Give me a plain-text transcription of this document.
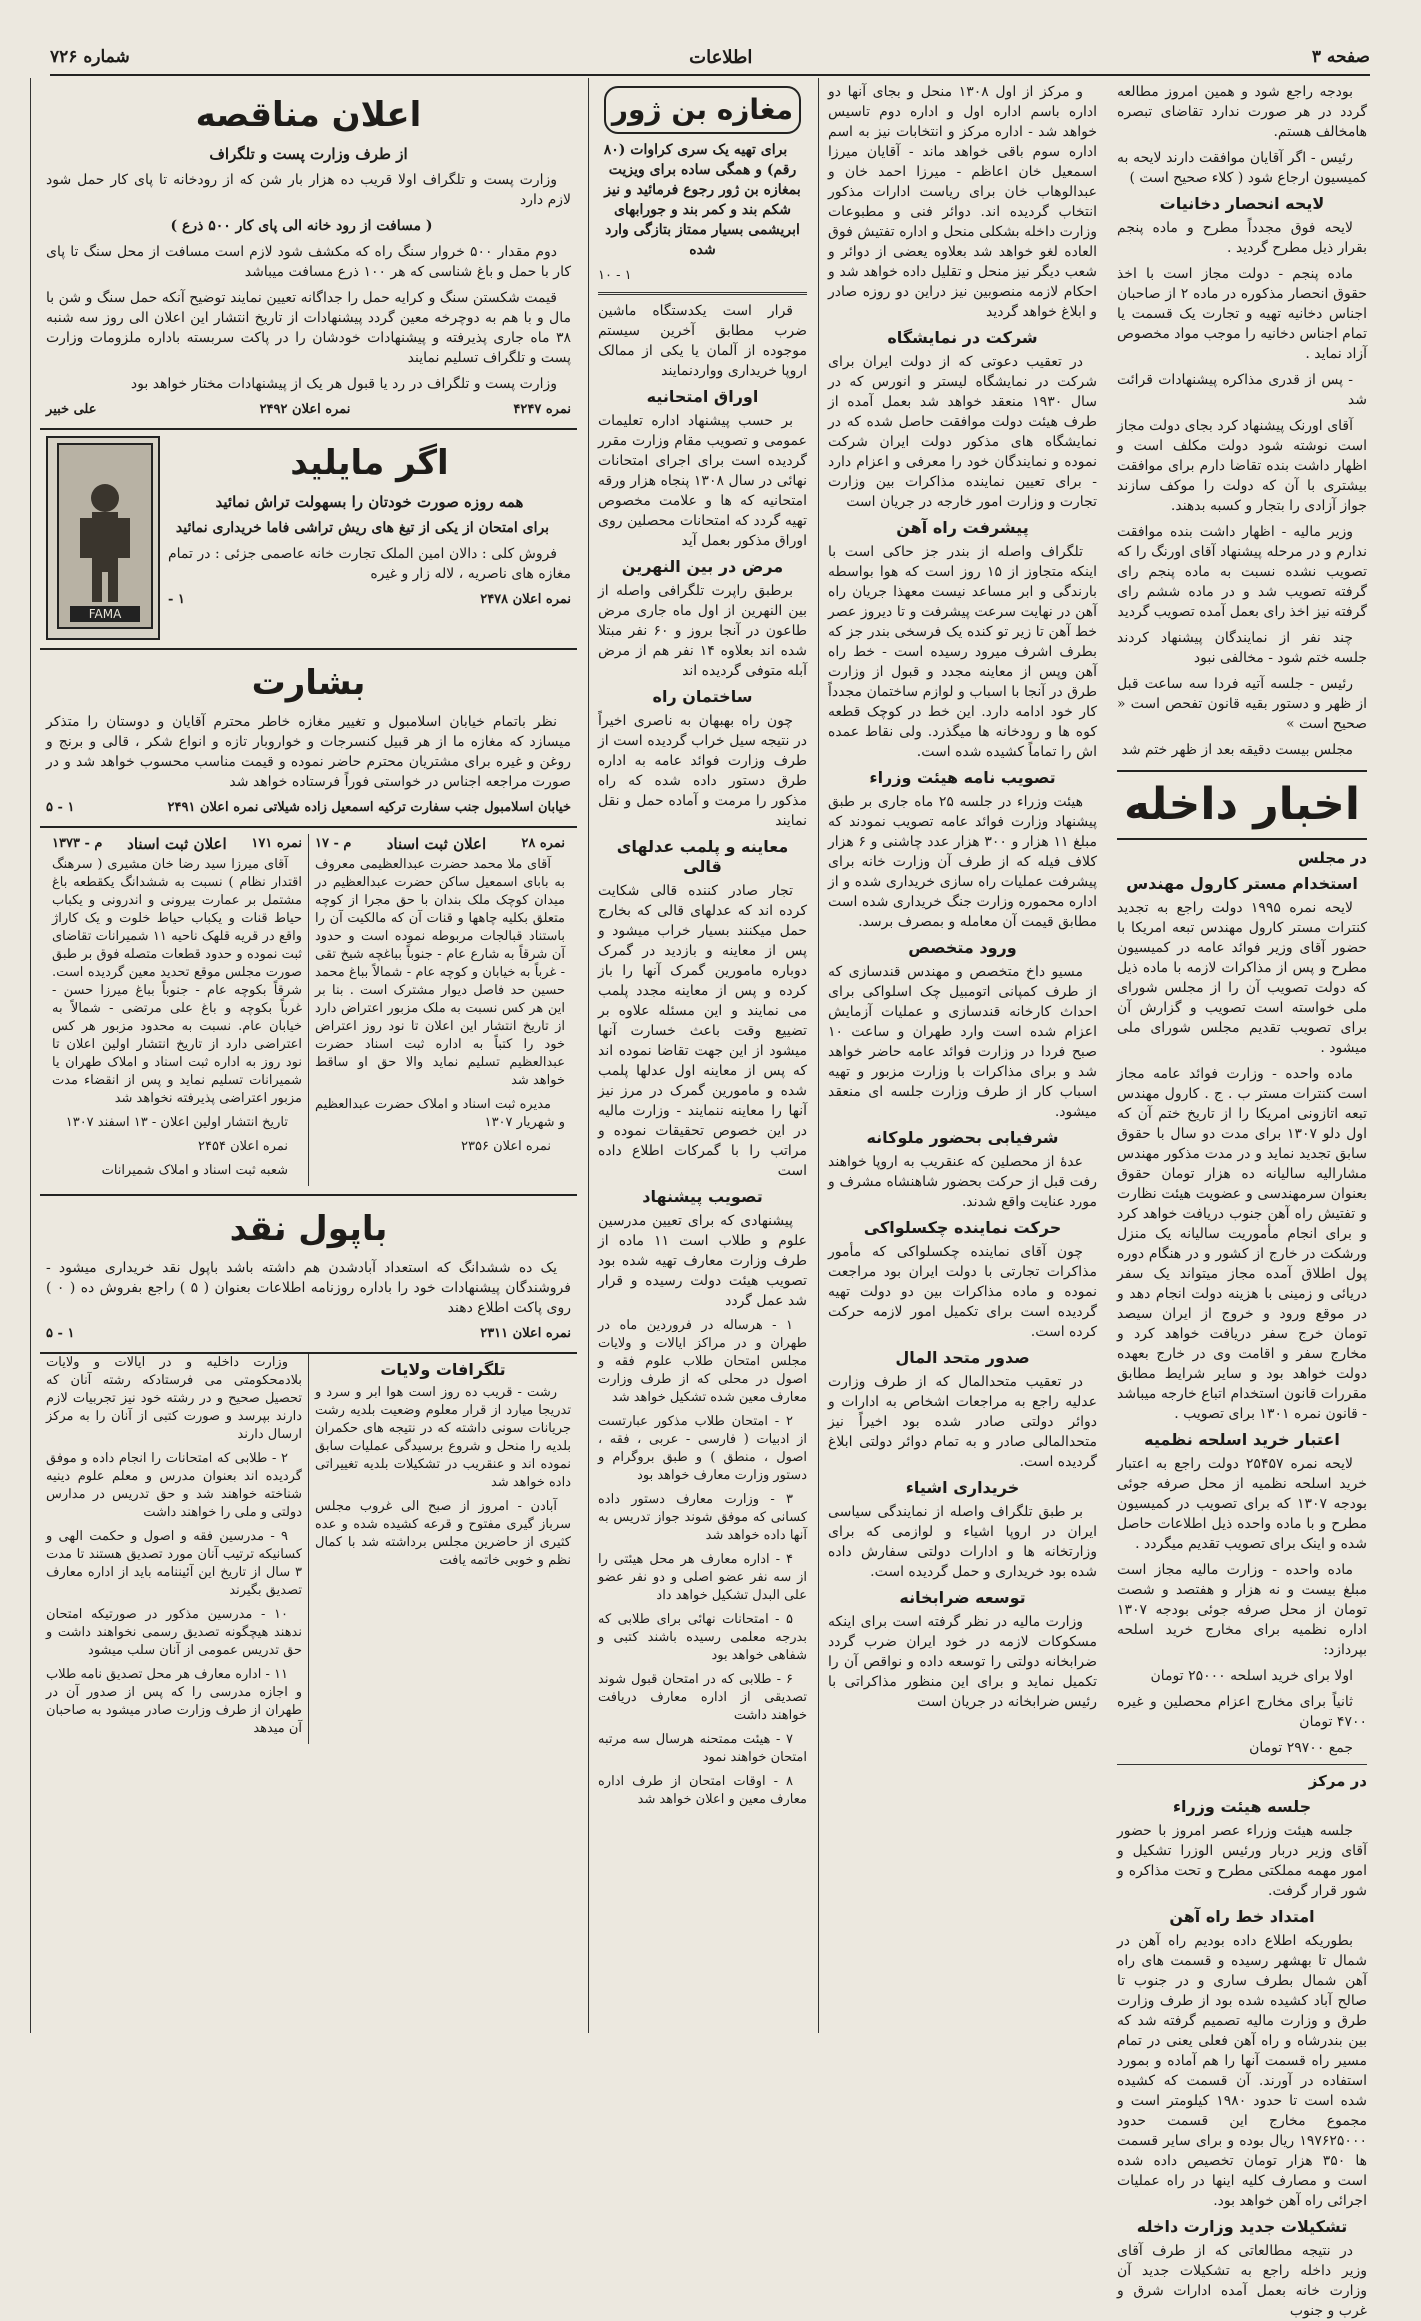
صفحه ۳
اطلاعات
شماره ۷۲۶

بودجه راجع شود و همین امروز مطالعه گردد در هر صورت ندارد تقاضای تبصره هامخالف هستم.

رئیس - اگر آقایان موافقت دارند لایحه به کمیسیون ارجاع شود ( کلاء صحیح است )

لایحه انحصار دخانیات

لایحه فوق مجدداً مطرح و ماده پنجم بقرار ذیل مطرح گردید .

ماده پنجم - دولت مجاز است با اخذ حقوق انحصار مذکوره در ماده ۲ از صاحبان اجناس دخانیه تهیه و تجارت یک قسمت یا تمام اجناس دخانیه را موجب مواد مخصوص آزاد نماید .

- پس از قدری مذاکره پیشنهادات قرائت شد

آقای اورنک پیشنهاد کرد بجای دولت مجاز است نوشته شود دولت مکلف است و اظهار داشت بنده تقاضا دارم برای موافقت بیشتری با آن که دولت را موکف سازند جواز آزادی را بتجار و کسبه بدهند.

وزیر مالیه - اظهار داشت بنده موافقت ندارم و در مرحله پیشنهاد آقای اورنگ را که تصویب نشده نسبت به ماده پنجم رای گرفته تصویب شد و در ماده ششم رای گرفته نیز اخذ رای بعمل آمده تصویب گردید

چند نفر از نمایندگان پیشنهاد کردند جلسه ختم شود - مخالفی نبود

رئیس - جلسه آتیه فردا سه ساعت قبل از ظهر و دستور بقیه قانون تفحص است « صحیح است »

مجلس بیست دقیقه بعد از ظهر ختم شد

اخبار داخله
در مجلس
استخدام مستر کارول مهندس

لایحه نمره ۱۹۹۵ دولت راجع به تجدید کنترات مستر کارول مهندس تبعه امریکا با حضور آقای وزیر فوائد عامه در کمیسیون مطرح و پس از مذاکرات لازمه با ماده ذیل که دولت تصویب آن را از مجلس شورای ملی خواسته است تصویب و گزارش آن برای تصویب تقدیم مجلس شورای ملی میشود .

ماده واحده - وزارت فوائد عامه مجاز است کنترات مستر ب . ج . کارول مهندس تبعه اتازونی امریکا را از تاریخ ختم آن که اول دلو ۱۳۰۷ برای مدت دو سال با حقوق سابق تجدید نماید و در مدت مذکور مهندس مشارالیه سالیانه ده هزار تومان حقوق بعنوان سرمهندسی و عضویت هیئت نظارت و تفتیش راه آهن جنوب دریافت خواهد کرد و برای انجام مأموریت سالیانه یک منزل ورشکت در خارج از کشور و در هنگام دوره پول اطلاق آمده مجاز میتواند یک سفر دریائی و زمینی با هزینه دولت انجام دهد و در موقع ورود و خروج از ایران سیصد تومان خرج سفر دریافت خواهد کرد و مخارج سفر و اقامت وی در خارج بعهده دولت خواهد بود و سایر شرایط مطابق مقررات قانون استخدام اتباع خارجه میباشد - قانون نمره ۱۳۰۱ برای تصویب .

اعتبار خرید اسلحه نظمیه

لایحه نمره ۲۵۴۵۷ دولت راجع به اعتبار خرید اسلحه نظمیه از محل صرفه جوئی بودجه ۱۳۰۷ که برای تصویب در کمیسیون مطرح و با ماده واحده ذیل اطلاعات حاصل شده و اینک برای تصویب تقدیم میگردد .

ماده واحده - وزارت مالیه مجاز است مبلغ بیست و نه هزار و هفتصد و شصت تومان از محل صرفه جوئی بودجه ۱۳۰۷ اداره نظمیه برای مخارج خرید اسلحه بپردازد:

اولا برای خرید اسلحه ۲۵۰۰۰ تومان

ثانیاً برای مخارج اعزام محصلین و غیره ۴۷۰۰ تومان

جمع ۲۹۷۰۰ تومان

در مرکز
جلسه هیئت وزراء

جلسه هیئت وزراء عصر امروز با حضور آقای وزیر دربار ورئیس الوزرا تشکیل و امور مهمه مملکتی مطرح و تحت مذاکره و شور قرار گرفت.

امتداد خط راه آهن

بطوریکه اطلاع داده بودیم راه آهن در شمال تا بهشهر رسیده و قسمت های راه آهن شمال بطرف ساری و در جنوب تا صالح آباد کشیده شده بود از طرف وزارت طرق و وزارت مالیه تصمیم گرفته شد که بین بندرشاه و راه آهن فعلی یعنی در تمام مسیر راه قسمت آنها را هم آماده و بمورد استفاده در آورند. آن قسمت که کشیده شده است تا حدود ۱۹۸۰ کیلومتر است و مجموع مخارج این قسمت حدود ۱۹۷۶۲۵۰۰۰ ریال بوده و برای سایر قسمت ها ۳۵۰ هزار تومان تخصیص داده شده است و مصارف کلیه اینها در راه عملیات اجرائی راه آهن خواهد بود.

تشکیلات جدید وزارت داخله

در نتیجه مطالعاتی که از طرف آقای وزیر داخله راجع به تشکیلات جدید آن وزارت خانه بعمل آمده ادارات شرق و غرب و جنوب

و مرکز از اول ۱۳۰۸ منحل و بجای آنها دو اداره باسم اداره اول و اداره دوم تاسیس خواهد شد - اداره مرکز و انتخابات نیز به اسم اداره سوم باقی خواهد ماند - آقایان میرزا اسمعیل خان اعاظم - میرزا احمد خان و عبدالوهاب خان برای ریاست ادارات مذکور انتخاب گردیده اند. دوائر فنی و مطبوعات وزارت داخله بشکلی منحل و اداره تفتیش فوق العاده لغو خواهد شد بعلاوه یعضی از دوائر و شعب دیگر نیز منحل و تقلیل داده خواهد شد و احکام لازمه منصوبین نیز دراین دو روزه صادر و ابلاغ خواهد گردید

شرکت در نمایشگاه

در تعقیب دعوتی که از دولت ایران برای شرکت در نمایشگاه لیستر و انورس که در سال ۱۹۳۰ منعقد خواهد شد بعمل آمده از طرف هیئت دولت موافقت حاصل شده که در نمایشگاه های مذکور دولت ایران شرکت نموده و نمایندگان خود را معرفی و اعزام دارد - برای تعیین نماینده مذاکرات بین وزارت تجارت و وزارت امور خارجه در جریان است

پیشرفت راه آهن

تلگراف واصله از بندر جز حاکی است با اینکه متجاوز از ۱۵ روز است که هوا بواسطه بارندگی و ابر مساعد نیست معهذا جریان راه آهن در نهایت سرعت پیشرفت و تا دیروز عصر خط آهن تا زیر تو کنده یک فرسخی بندر جز که بطرف اشرف میرود رسیده است - خط راه آهن وپس از معاینه مجدد و قبول از وزارت طرق در آنجا با اسباب و لوازم ساختمان مجدداً کار خود ادامه دارد. این خط در کوچک قطعه کوه ها و رودخانه ها میگذرد. ولی نقاط عمده اش را تماماً کشیده شده است.

تصویب نامه هیئت وزراء

هیئت وزراء در جلسه ۲۵ ماه جاری بر طبق پیشنهاد وزارت فوائد عامه تصویب نمودند که مبلغ ۱۱ هزار و ۳۰۰ هزار عدد چاشنی و ۶ هزار کلاف فیله که از طرف آن وزارت خانه برای پیشرفت عملیات راه سازی خریداری شده و از اداره محموره وزارت جنگ خریداری شده است مطابق قیمت آن معامله و بمصرف برسد.

ورود متخصص

مسیو داخ متخصص و مهندس قندسازی که از طرف کمپانی اتومبیل چک اسلواکی برای احداث کارخانه قندسازی و عملیات آزمایش اعزام شده است وارد طهران و ساعت ۱۰ صبح فردا در وزارت فوائد عامه حاضر خواهد شد و برای مذاکرات با وزارت مزبور و تهیه اسباب کار از طرف وزارت جلسه ای منعقد میشود.

شرفیابی بحضور ملوکانه

عدهٔ از محصلین که عنقریب به اروپا خواهند رفت قبل از حرکت بحضور شاهنشاه مشرف و مورد عنایت واقع شدند.

حرکت نماینده چکسلواکی

چون آقای نماینده چکسلواکی که مأمور مذاکرات تجارتی با دولت ایران بود مراجعت نموده و ماده مذاکرات بین دو دولت تهیه گردیده است برای تکمیل امور لازمه حرکت کرده است.

صدور متحد المال

در تعقیب متحدالمال که از طرف وزارت عدلیه راجع به مراجعات اشخاص به ادارات و دوائر دولتی صادر شده بود اخیراً نیز متحدالمالی صادر و به تمام دوائر دولتی ابلاغ گردیده است.

خریداری اشیاء

بر طبق تلگراف واصله از نمایندگی سیاسی ایران در اروپا اشیاء و لوازمی که برای وزارتخانه ها و ادارات دولتی سفارش داده شده بود خریداری و حمل گردیده است.

توسعه ضرابخانه

وزارت مالیه در نظر گرفته است برای اینکه مسکوکات لازمه در خود ایران ضرب گردد ضرابخانه دولتی را توسعه داده و نواقص آن را تکمیل نماید و برای این منظور مذاکراتی با رئیس ضرابخانه در جریان است

مغازه بن ژور

برای تهیه یک سری کراوات (۸۰ رقم) و همگی ساده برای ویزیت بمغازه بن ژور رجوع فرمائید و نیز شکم بند و کمر بند و جورابهای ابریشمی بسیار ممتاز بتازگی وارد شده

۱ - ۱۰

قرار است یکدستگاه ماشین ضرب مطابق آخرین سیستم موجوده از آلمان یا یکی از ممالک اروپا خریداری وواردنمایند

اوراق امتحانیه

بر حسب پیشنهاد اداره تعلیمات عمومی و تصویب مقام وزارت مقرر گردیده است برای اجرای امتحانات نهائی در سال ۱۳۰۸ پنجاه هزار ورقه امتحانیه که ها و علامت مخصوص تهیه گردد که امتحانات محصلین روی اوراق مذکور بعمل آید

مرض در بین النهرین

برطبق راپرت تلگرافی واصله از بین النهرین از اول ماه جاری مرض طاعون در آنجا بروز و ۶۰ نفر مبتلا شده اند بعلاوه ۱۴ نفر هم از مرض آبله متوفی گردیده اند

ساختمان راه

چون راه بهبهان به ناصری اخیراً در نتیجه سیل خراب گردیده است از طرف وزارت فوائد عامه به اداره طرق دستور داده شده که راه مذکور را مرمت و آماده حمل و نقل نمایند

معاینه و پلمب عدلهای قالی

تجار صادر کننده قالی شکایت کرده اند که عدلهای قالی که بخارج حمل میکنند بسیار خراب میشود و پس از معاینه و بازدید در گمرک دوباره مامورین گمرک آنها را باز کرده و پس از معاینه مجدد پلمب می نمایند و این مسئله علاوه بر تضییع وقت باعث خسارت آنها میشود از این جهت تقاضا نموده اند که پس از معاینه اول عدلها پلمب شده و مامورین گمرک در مرز نیز آنها را معاینه ننمایند - وزارت مالیه در این خصوص تحقیقات نموده و مراتب را با گمرکات اطلاع داده است

تصویب پیشنهاد

پیشنهادی که برای تعیین مدرسین علوم و طلاب است ۱۱ ماده از طرف وزارت معارف تهیه شده بود تصویب هیئت دولت رسیده و قرار شد عمل گردد

۱ - هرساله در فروردین ماه در طهران و در مراکز ایالات و ولایات مجلس امتحان طلاب علوم فقه و اصول در محلی که از طرف وزارت معارف معین شده تشکیل خواهد شد

۲ - امتحان طلاب مذکور عبارتست از ادبیات ( فارسی - عربی ، فقه ، اصول ، منطق ) و طبق بروگرام و دستور وزارت معارف خواهد بود

۳ - وزارت معارف دستور داده کسانی که موفق شوند جواز تدریس به آنها داده خواهد شد

۴ - اداره معارف هر محل هیئتی را از سه نفر عضو اصلی و دو نفر عضو علی البدل تشکیل خواهد داد

۵ - امتحانات نهائی برای طلابی که بدرجه معلمی رسیده باشند کتبی و شفاهی خواهد بود

۶ - طلابی که در امتحان قبول شوند تصدیقی از اداره معارف دریافت خواهند داشت

۷ - هیئت ممتحنه هرسال سه مرتبه امتحان خواهند نمود

۸ - اوقات امتحان از طرف اداره معارف معین و اعلان خواهد شد

اعلان مناقصه
از طرف وزارت پست و تلگراف

وزارت پست و تلگراف اولا قریب ده هزار بار شن که از رودخانه تا پای کار حمل شود لازم دارد

( مسافت از رود خانه الی پای کار ۵۰۰ ذرع )

دوم مقدار ۵۰۰ خروار سنگ راه که مکشف شود لازم است مسافت از محل سنگ تا پای کار با حمل و باغ شناسی که هر ۱۰۰ ذرع مسافت میباشد

قیمت شکستن سنگ و کرایه حمل را جداگانه تعیین نمایند توضیح آنکه حمل سنگ و شن با مال و با هم به دوچرخه معین گردد پیشنهادات از تاریخ انتشار این اعلان الی روز سه شنبه ۳۸ ماه جاری پذیرفته و پیشنهادات خودشان را در پاکت سربسته باداره ملزومات وزارت پست و تلگراف تسلیم نمایند

وزارت پست و تلگراف در رد یا قبول هر یک از پیشنهادات مختار خواهد بود

نمره ۴۲۴۷
نمره اعلان ۲۴۹۲
علی خبیر
اگر مایلید
همه روزه صورت خودتان را بسهولت تراش نمائید

برای امتحان از یکی از تیغ های ریش تراشی فاما خریداری نمائید

فروش کلی : دالان امین الملک تجارت خانه عاصمی جزئی : در تمام مغازه های ناصریه ، لاله زار و غیره

نمره اعلان ۲۴۷۸
۱ -
FAMA
بشارت

نظر باتمام خیابان اسلامبول و تغییر مغازه خاطر محترم آقایان و دوستان را متذکر میسازد که مغازه ما از هر قبیل کنسرجات و خواروبار تازه و انواع شکر ، قالی و برنج و روغن و غیره برای مشتریان محترم حاضر نموده و قیمت مناسب محسوب خواهد شد و در صورت مراجعه اجناس در خواستی فوراً فرستاده خواهد شد

خیابان اسلامبول جنب سفارت ترکیه اسمعیل زاده شیلاتی نمره اعلان ۲۴۹۱
۱ - ۵
نمره ۲۸
اعلان ثبت اسناد
م - ۱۷

آقای ملا محمد حضرت عبدالعظیمی معروف به بابای اسمعیل ساکن حضرت عبدالعظیم در میدان کوچک ملک بندان با حق مجرا از کوچه متعلق بکلیه چاهها و قنات آن که مالکیت آن را باستناد قبالجات مربوطه نموده است و حدود آن شرقاً به شارع عام - جنوباً بباغچه شیخ تقی - غرباً به خیابان و کوچه عام - شمالاً بباغ محمد حسین حد فاصل دیوار مشترک است . بنا بر این هر کس نسبت به ملک مزبور اعتراض دارد از تاریخ انتشار این اعلان تا نود روز اعتراض خود را کتباً به اداره ثبت اسناد حضرت عبدالعظیم تسلیم نماید والا حق او ساقط خواهد شد

مدیره ثبت اسناد و املاک حضرت عبدالعظیم و شهریار ۱۳۰۷

نمره اعلان ۲۳۵۶

نمره ۱۷۱
اعلان ثبت اسناد
م - ۱۳۷۳

آقای میرزا سید رضا خان مشیری ( سرهنگ اقتدار نظام ) نسبت به ششدانگ یکقطعه باغ مشتمل بر عمارت بیرونی و اندرونی و یکباب حیاط قنات و یکباب حیاط خلوت و یک کاراژ واقع در قریه قلهک ناحیه ۱۱ شمیرانات تقاضای ثبت نموده و حدود قطعات متصله فوق بر طبق صورت مجلس موقع تحدید معین گردیده است. شرقاً بکوچه عام - جنوباً بباغ میرزا حسن - غرباً بکوچه و باغ علی مرتضی - شمالاً به خیابان عام. نسبت به محدود مزبور هر کس اعتراضی دارد از تاریخ انتشار اولین اعلان تا نود روز به اداره ثبت اسناد و املاک طهران یا شمیرانات تسلیم نماید و پس از انقضاء مدت مزبور اعتراضی پذیرفته نخواهد شد

تاریخ انتشار اولین اعلان - ۱۳ اسفند ۱۳۰۷

نمره اعلان ۲۴۵۴

شعبه ثبت اسناد و املاک شمیرانات

باپول نقد

یک ده ششدانگ که استعداد آبادشدن هم داشته باشد باپول نقد خریداری میشود - فروشندگان پیشنهادات خود را باداره روزنامه اطلاعات بعنوان ( ۵ ) راجع بفروش ده ( ۰ ) روی پاکت اطلاع دهند

نمره اعلان ۲۳۱۱
۱ - ۵
تلگرافات ولایات

رشت - قریب ده روز است هوا ابر و سرد و تدریجا میارد از قرار معلوم وضعیت بلدیه رشت جریانات سونی داشته که در نتیجه های حکمران بلدیه را منحل و شروع برسیدگی عملیات سابق نموده اند و عنقریب در تشکیلات بلدیه تغییراتی داده خواهد شد

آبادن - امروز از صبح الی غروب مجلس سرباز گیری مفتوح و قرعه کشیده شده و عده کثیری از حاضرین مجلس برداشته شد با کمال نظم و خوبی خاتمه یافت

وزارت داخلیه و در ایالات و ولایات بلادمحکومتی می فرستادکه رشته آنان که تحصیل صحیح و در رشته خود نیز تجربیات لازم دارند بپرسد و صورت کتبی از آنان را به مرکز ارسال دارند

۲ - طلابی که امتحانات را انجام داده و موفق گردیده اند بعنوان مدرس و معلم علوم دینیه شناخته خواهند شد و حق تدریس در مدارس دولتی و ملی را خواهند داشت

۹ - مدرسین فقه و اصول و حکمت الهی و کسانیکه ترتیب آنان مورد تصدیق هستند تا مدت ۳ سال از تاریخ این آئیننامه باید از اداره معارف تصدیق بگیرند

۱۰ - مدرسین مذکور در صورتیکه امتحان ندهند هیچگونه تصدیق رسمی نخواهند داشت و حق تدریس عمومی از آنان سلب میشود

۱۱ - اداره معارف هر محل تصدیق نامه طلاب و اجازه مدرسی را که پس از صدور آن در طهران از طرف وزارت صادر میشود به صاحبان آن میدهد
